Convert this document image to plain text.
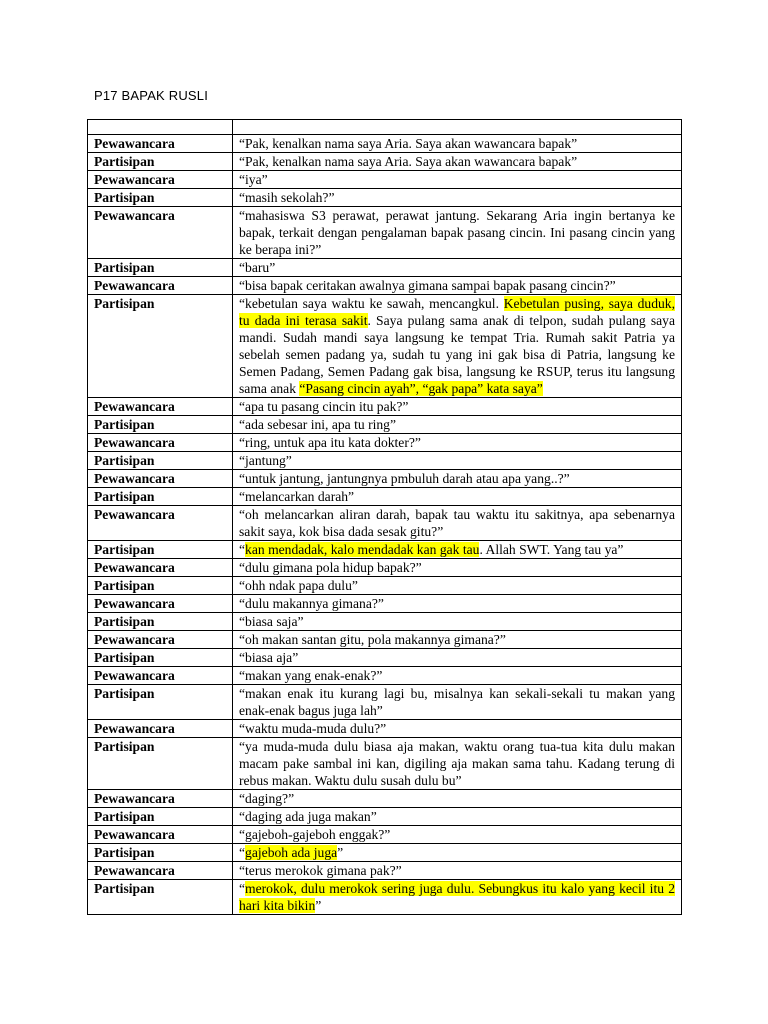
P17 BAPAK RUSLI

Pewawancara	“Pak, kenalkan nama saya Aria. Saya akan wawancara bapak”
Partisipan	“Pak, kenalkan nama saya Aria. Saya akan wawancara bapak”
Pewawancara	“iya”
Partisipan	“masih sekolah?”
Pewawancara	“mahasiswa S3 perawat, perawat jantung. Sekarang Aria ingin bertanya ke bapak, terkait dengan pengalaman bapak pasang cincin. Ini pasang cincin yang ke berapa ini?”
Partisipan	“baru”
Pewawancara	“bisa bapak ceritakan awalnya gimana sampai bapak pasang cincin?”
Partisipan	“kebetulan saya waktu ke sawah, mencangkul. Kebetulan pusing, saya duduk, tu dada ini terasa sakit. Saya pulang sama anak di telpon, sudah pulang saya mandi. Sudah mandi saya langsung ke tempat Tria. Rumah sakit Patria ya sebelah semen padang ya, sudah tu yang ini gak bisa di Patria, langsung ke Semen Padang, Semen Padang gak bisa, langsung ke RSUP, terus itu langsung sama anak “Pasang cincin ayah”, “gak papa” kata saya”
Pewawancara	“apa tu pasang cincin itu pak?”
Partisipan	“ada sebesar ini, apa tu ring”
Pewawancara	“ring, untuk apa itu kata dokter?”
Partisipan	“jantung”
Pewawancara	“untuk jantung, jantungnya pmbuluh darah atau apa yang..?”
Partisipan	“melancarkan darah”
Pewawancara	“oh melancarkan aliran darah, bapak tau waktu itu sakitnya, apa sebenarnya sakit saya, kok bisa dada sesak gitu?”
Partisipan	“kan mendadak, kalo mendadak kan gak tau. Allah SWT. Yang tau ya”
Pewawancara	“dulu gimana pola hidup bapak?”
Partisipan	“ohh ndak papa dulu”
Pewawancara	“dulu makannya gimana?”
Partisipan	“biasa saja”
Pewawancara	“oh makan santan gitu, pola makannya gimana?”
Partisipan	“biasa aja”
Pewawancara	“makan yang enak-enak?”
Partisipan	“makan enak itu kurang lagi bu, misalnya kan sekali-sekali tu makan yang enak-enak bagus juga lah”
Pewawancara	“waktu muda-muda dulu?”
Partisipan	“ya muda-muda dulu biasa aja makan, waktu orang tua-tua kita dulu makan macam pake sambal ini kan, digiling aja makan sama tahu. Kadang terung di rebus makan. Waktu dulu susah dulu bu”
Pewawancara	“daging?”
Partisipan	“daging ada juga makan”
Pewawancara	“gajeboh-gajeboh enggak?”
Partisipan	“gajeboh ada juga”
Pewawancara	“terus merokok gimana pak?”
Partisipan	“merokok, dulu merokok sering juga dulu. Sebungkus itu kalo yang kecil itu 2 hari kita bikin”
